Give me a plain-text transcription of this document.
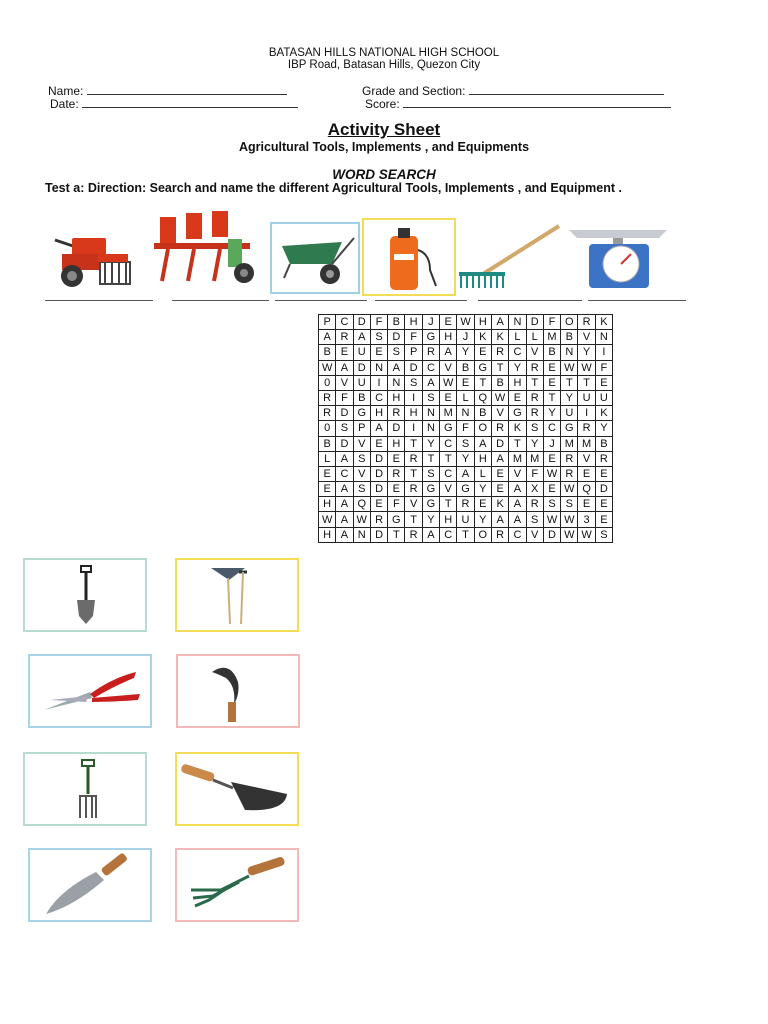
BATASAN HILLS NATIONAL HIGH SCHOOL
IBP Road, Batasan Hills, Quezon City
Name:
Date:
Grade and Section:
Score:
Activity Sheet
Agricultural Tools, Implements , and Equipments
WORD SEARCH
Test a: Direction: Search and name the different Agricultural Tools, Implements , and Equipment .
P	C	D	F	B	H	J	E	W	H	A	N	D	F	O	R	K
A	R	A	S	D	F	G	H	J	K	K	L	L	M	B	V	N
B	E	U	E	S	P	R	A	Y	E	R	C	V	B	N	Y	I
W	A	D	N	A	D	C	V	B	G	T	Y	R	E	W	W	F
0	V	U	I	N	S	A	W	E	T	B	H	T	E	T	T	E
R	F	B	C	H	I	S	E	L	Q	W	E	R	T	Y	U	U
R	D	G	H	R	H	N	M	N	B	V	G	R	Y	U	I	K
0	S	P	A	D	I	N	G	F	O	R	K	S	C	G	R	Y
B	D	V	E	H	T	Y	C	S	A	D	T	Y	J	M	M	B
L	A	S	D	E	R	T	T	Y	H	A	M	M	E	R	V	R
E	C	V	D	R	T	S	C	A	L	E	V	F	W	R	E	E
E	A	S	D	E	R	G	V	G	Y	E	A	X	E	W	Q	D
H	A	Q	E	F	V	G	T	R	E	K	A	R	S	S	E	E
W	A	W	R	G	T	Y	H	U	Y	A	A	S	W	W	3	E
H	A	N	D	T	R	A	C	T	O	R	C	V	D	W	W	S
